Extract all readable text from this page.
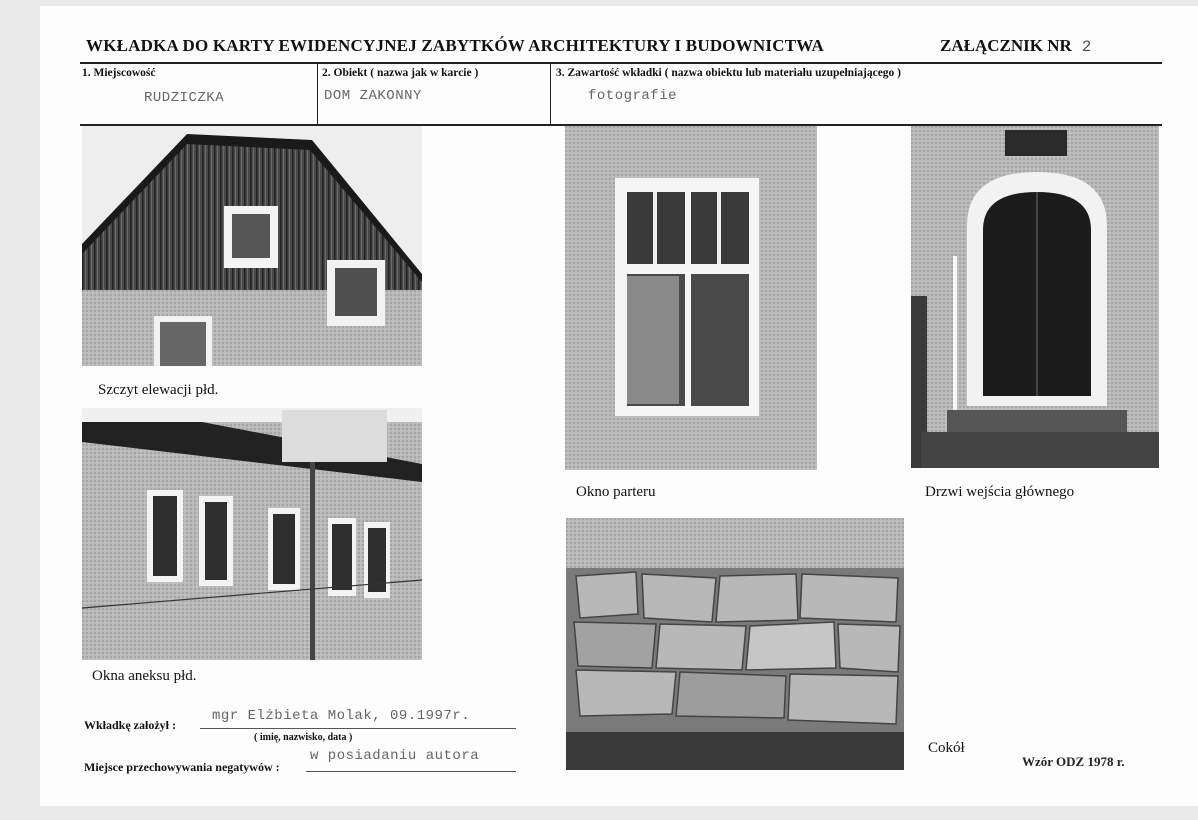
WKŁADKA DO KARTY EWIDENCYJNEJ ZABYTKÓW ARCHITEKTURY I BUDOWNICTWA	ZAŁĄCZNIK NR 2
1. Miejscowość	2. Obiekt ( nazwa jak w karcie )	3. Zawartość wkładki ( nazwa obiektu lub materiału uzupełniającego )
RUDZICZKA	DOM ZAKONNY	fotografie
Szczyt elewacji płd.
Okna aneksu płd.
Okno parteru	Drzwi wejścia głównego
Cokół
Wkładkę założył :
mgr Elżbieta Molak, 09.1997r.
( imię, nazwisko, data )
Miejsce przechowywania negatywów :
w posiadaniu autora	Wzór ODZ 1978 r.
